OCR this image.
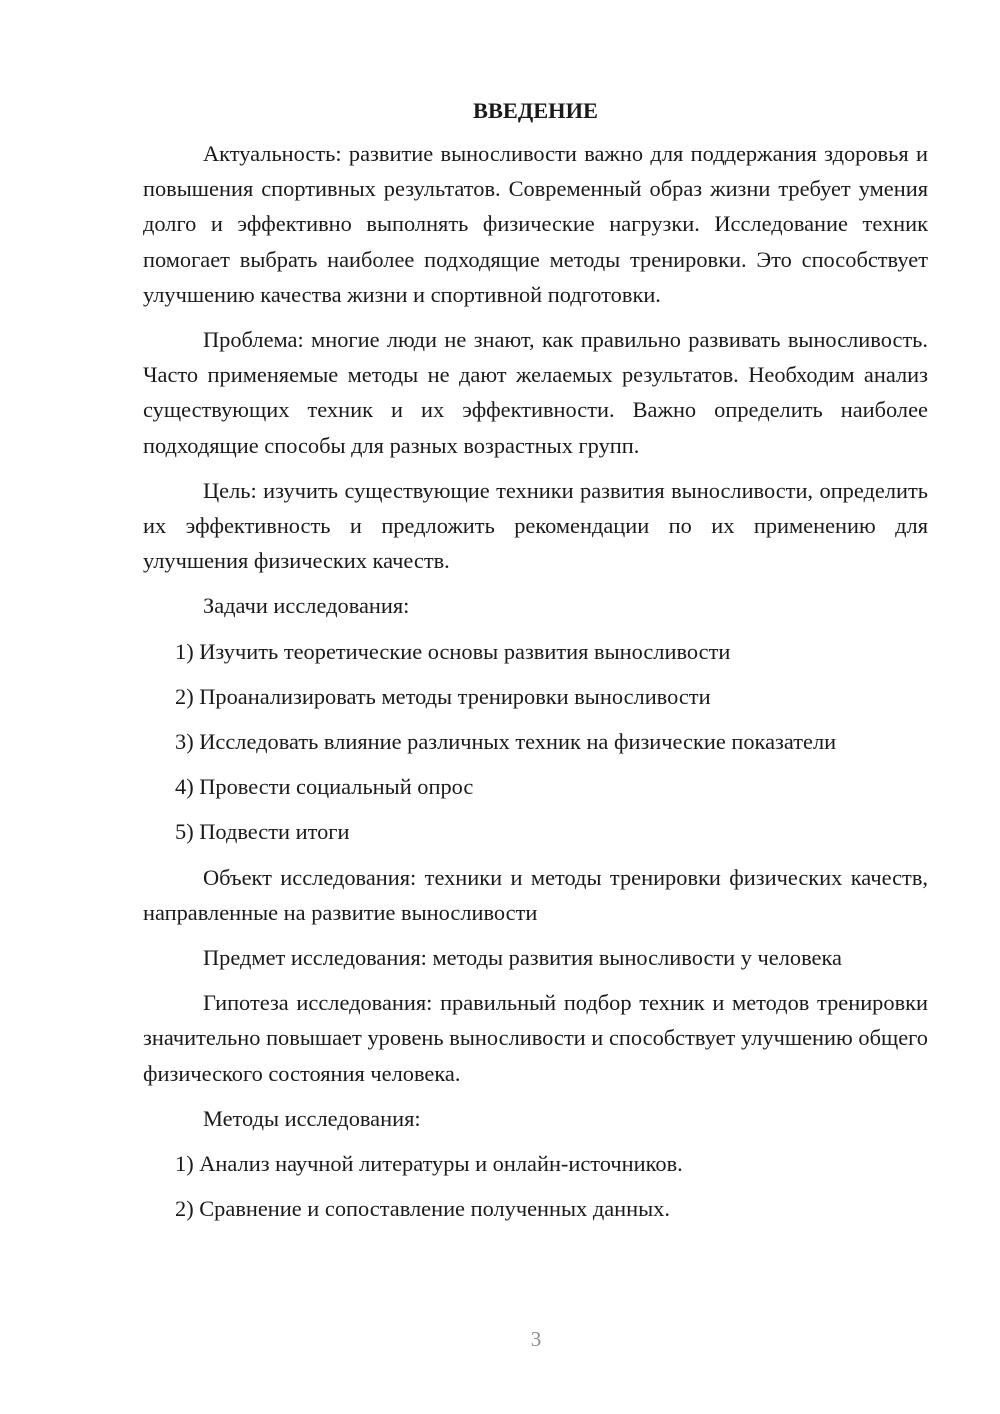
ВВЕДЕНИЕ

Актуальность: развитие выносливости важно для поддержания здоровья и повышения спортивных результатов. Современный образ жизни требует умения долго и эффективно выполнять физические нагрузки. Исследование техник помогает выбрать наиболее подходящие методы тренировки. Это способствует улучшению качества жизни и спортивной подготовки.

Проблема: многие люди не знают, как правильно развивать выносливость. Часто применяемые методы не дают желаемых результатов. Необходим анализ существующих техник и их эффективности. Важно определить наиболее подходящие способы для разных возрастных групп.

Цель: изучить существующие техники развития выносливости, определить их эффективность и предложить рекомендации по их применению для улучшения физических качеств.

Задачи исследования:

1) Изучить теоретические основы развития выносливости
2) Проанализировать методы тренировки выносливости
3) Исследовать влияние различных техник на физические показатели
4) Провести социальный опрос
5) Подвести итоги

Объект исследования: техники и методы тренировки физических качеств, направленные на развитие выносливости

Предмет исследования: методы развития выносливости у человека

Гипотеза исследования: правильный подбор техник и методов тренировки значительно повышает уровень выносливости и способствует улучшению общего физического состояния человека.

Методы исследования:

1) Анализ научной литературы и онлайн-источников.
2) Сравнение и сопоставление полученных данных.
3
